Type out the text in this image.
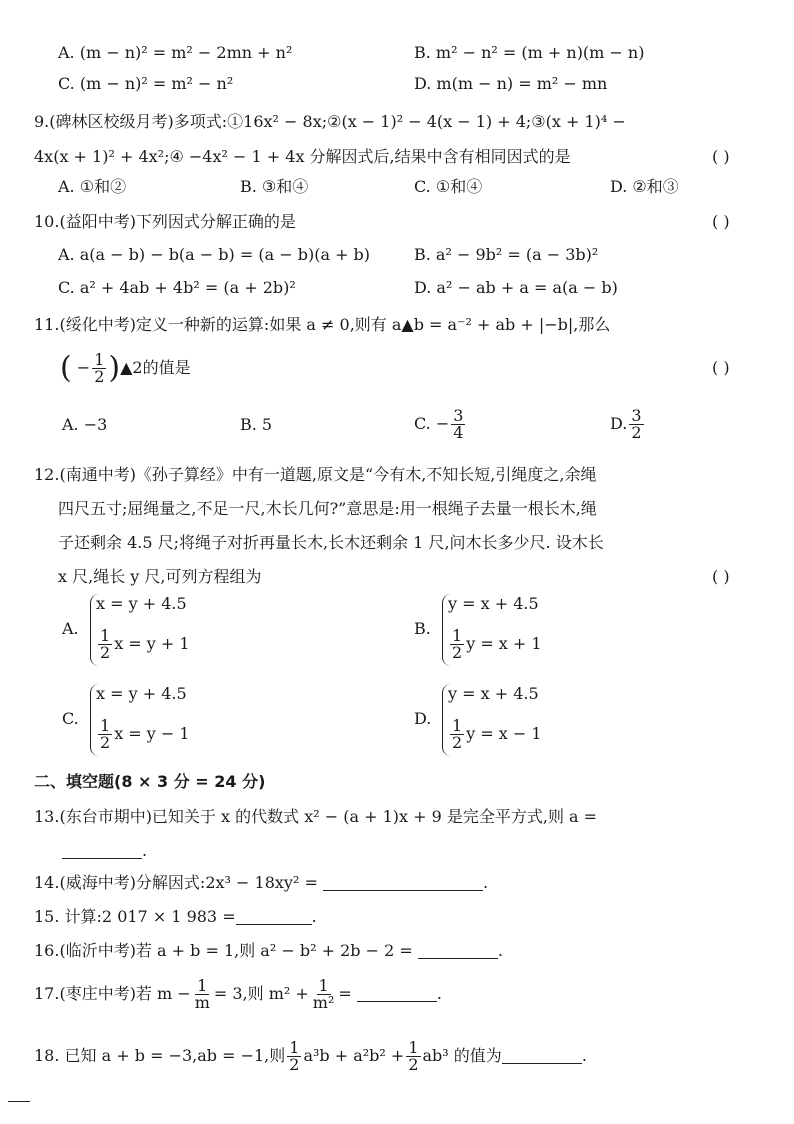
A. (m − n)² = m² − 2mn + n²	B. m² − n² = (m + n)(m − n)
C. (m − n)² = m² − n²	D. m(m − n) = m² − mn
9.(碑林区校级月考)多项式:①16x² − 8x;②(x − 1)² − 4(x − 1) + 4;③(x + 1)⁴ −
4x(x + 1)² + 4x²;④ −4x² − 1 + 4x 分解因式后,结果中含有相同因式的是	( )
A. ①和②	B. ③和④	C. ①和④	D. ②和③
10.(益阳中考)下列因式分解正确的是	( )
A. a(a − b) − b(a − b) = (a − b)(a + b)	B. a² − 9b² = (a − 3b)²
C. a² + 4ab + 4b² = (a + 2b)²	D. a² − ab + a = a(a − b)
11.(绥化中考)定义一种新的运算:如果 a ≠ 0,则有 a▲b = a⁻² + ab + |−b|,那么
( − $\frac{1}{2}$ )▲2的值是	( )
A. −3	B. 5	C. − $\frac{3}{4}$	D. $\frac{3}{2}$
12.(南通中考)《孙子算经》中有一道题,原文是“今有木,不知长短,引绳度之,余绳
四尺五寸;屈绳量之,不足一尺,木长几何?”意思是:用一根绳子去量一根长木,绳
子还剩余 4.5 尺;将绳子对折再量长木,长木还剩余 1 尺,问木长多少尺. 设木长
x 尺,绳长 y 尺,可列方程组为	( )
A.
x = y + 4.5
$\frac{1}{2}$ x = y + 1
B.
y = x + 4.5
$\frac{1}{2}$ y = x + 1
C.
x = y + 4.5
$\frac{1}{2}$ x = y − 1
D.
y = x + 4.5
$\frac{1}{2}$ y = x − 1
二、填空题(8 × 3 分 = 24 分)
13.(东台市期中)已知关于 x 的代数式 x² − (a + 1)x + 9 是完全平方式,则 a =
.
14.(威海中考)分解因式:2x³ − 18xy² =	.
15. 计算:2 017 × 1 983 =	.
16.(临沂中考)若 a + b = 1,则 a² − b² + 2b − 2 =	.
17.(枣庄中考)若 $m - \frac{1}{m} = 3$,则 $m^2 + \frac{1}{\text{m²}}$ =	.
18. 已知 a + b = −3,ab = −1,则 $\frac{1}{2} a^3b + a^2b^2 + \frac{1}{2} ab^3$ 的值为	.
